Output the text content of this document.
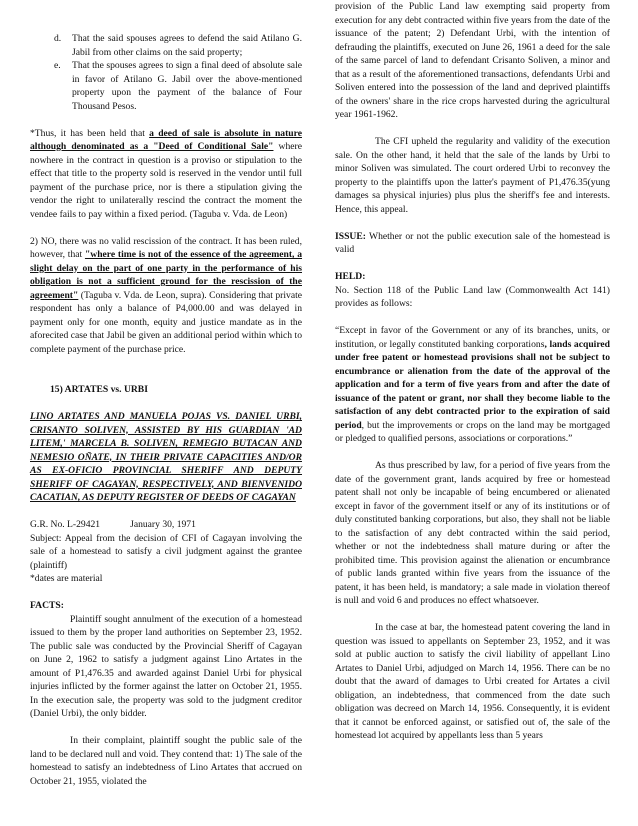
d. That the said spouses agrees to defend the said Atilano G. Jabil from other claims on the said property;
e. That the spouses agrees to sign a final deed of absolute sale in favor of Atilano G. Jabil over the above-mentioned property upon the payment of the balance of Four Thousand Pesos.

*Thus, it has been held that a deed of sale is absolute in nature although denominated as a "Deed of Conditional Sale" where nowhere in the contract in question is a proviso or stipulation to the effect that title to the property sold is reserved in the vendor until full payment of the purchase price, nor is there a stipulation giving the vendor the right to unilaterally rescind the contract the moment the vendee fails to pay within a fixed period. (Taguba v. Vda. de Leon)

2) NO, there was no valid rescission of the contract. It has been ruled, however, that "where time is not of the essence of the agreement, a slight delay on the part of one party in the performance of his obligation is not a sufficient ground for the rescission of the agreement" (Taguba v. Vda. de Leon, supra). Considering that private respondent has only a balance of P4,000.00 and was delayed in payment only for one month, equity and justice mandate as in the aforecited case that Jabil be given an additional period within which to complete payment of the purchase price.

15) ARTATES vs. URBI

LINO ARTATES AND MANUELA POJAS VS. DANIEL URBI, CRISANTO SOLIVEN, ASSISTED BY HIS GUARDIAN 'AD LITEM,' MARCELA B. SOLIVEN, REMEGIO BUTACAN AND NEMESIO OÑATE, IN THEIR PRIVATE CAPACITIES AND/OR AS EX-OFICIO PROVINCIAL SHERIFF AND DEPUTY SHERIFF OF CAGAYAN, RESPECTIVELY, AND BIENVENIDO CACATIAN, AS DEPUTY REGISTER OF DEEDS OF CAGAYAN

G.R. No. L-29421	January 30, 1971

Subject: Appeal from the decision of CFI of Cagayan involving the sale of a homestead to satisfy a civil judgment against the grantee (plaintiff)

*dates are material

FACTS:

Plaintiff sought annulment of the execution of a homestead issued to them by the proper land authorities on September 23, 1952. The public sale was conducted by the Provincial Sheriff of Cagayan on June 2, 1962 to satisfy a judgment against Lino Artates in the amount of P1,476.35 and awarded against Daniel Urbi for physical injuries inflicted by the former against the latter on October 21, 1955. In the execution sale, the property was sold to the judgment creditor (Daniel Urbi), the only bidder.

In their complaint, plaintiff sought the public sale of the land to be declared null and void. They contend that: 1) The sale of the homestead to satisfy an indebtedness of Lino Artates that accrued on October 21, 1955, violated the

provision of the Public Land law exempting said property from execution for any debt contracted within five years from the date of the issuance of the patent; 2) Defendant Urbi, with the intention of defrauding the plaintiffs, executed on June 26, 1961 a deed for the sale of the same parcel of land to defendant Crisanto Soliven, a minor and that as a result of the aforementioned transactions, defendants Urbi and Soliven entered into the possession of the land and deprived plaintiffs of the owners' share in the rice crops harvested during the agricultural year 1961-1962.

The CFI upheld the regularity and validity of the execution sale. On the other hand, it held that the sale of the lands by Urbi to minor Soliven was simulated. The court ordered Urbi to reconvey the property to the plaintiffs upon the latter's payment of P1,476.35(yung damages sa physical injuries) plus plus the sheriff's fee and interests. Hence, this appeal.

ISSUE: Whether or not the public execution sale of the homestead is valid

HELD:

No. Section 118 of the Public Land law (Commonwealth Act 141) provides as follows:

“Except in favor of the Government or any of its branches, units, or institution, or legally constituted banking corporations, lands acquired under free patent or homestead provisions shall not be subject to encumbrance or alienation from the date of the approval of the application and for a term of five years from and after the date of issuance of the patent or grant, nor shall they become liable to the satisfaction of any debt contracted prior to the expiration of said period, but the improvements or crops on the land may be mortgaged or pledged to qualified persons, associations or corporations.”

As thus prescribed by law, for a period of five years from the date of the government grant, lands acquired by free or homestead patent shall not only be incapable of being encumbered or alienated except in favor of the government itself or any of its institutions or of duly constituted banking corporations, but also, they shall not be liable to the satisfaction of any debt contracted within the said period, whether or not the indebtedness shall mature during or after the prohibited time. This provision against the alienation or encumbrance of public lands granted within five years from the issuance of the patent, it has been held, is mandatory; a sale made in violation thereof is null and void 6 and produces no effect whatsoever.

In the case at bar, the homestead patent covering the land in question was issued to appellants on September 23, 1952, and it was sold at public auction to satisfy the civil liability of appellant Lino Artates to Daniel Urbi, adjudged on March 14, 1956. There can be no doubt that the award of damages to Urbi created for Artates a civil obligation, an indebtedness, that commenced from the date such obligation was decreed on March 14, 1956. Consequently, it is evident that it cannot be enforced against, or satisfied out of, the sale of the homestead lot acquired by appellants less than 5 years
